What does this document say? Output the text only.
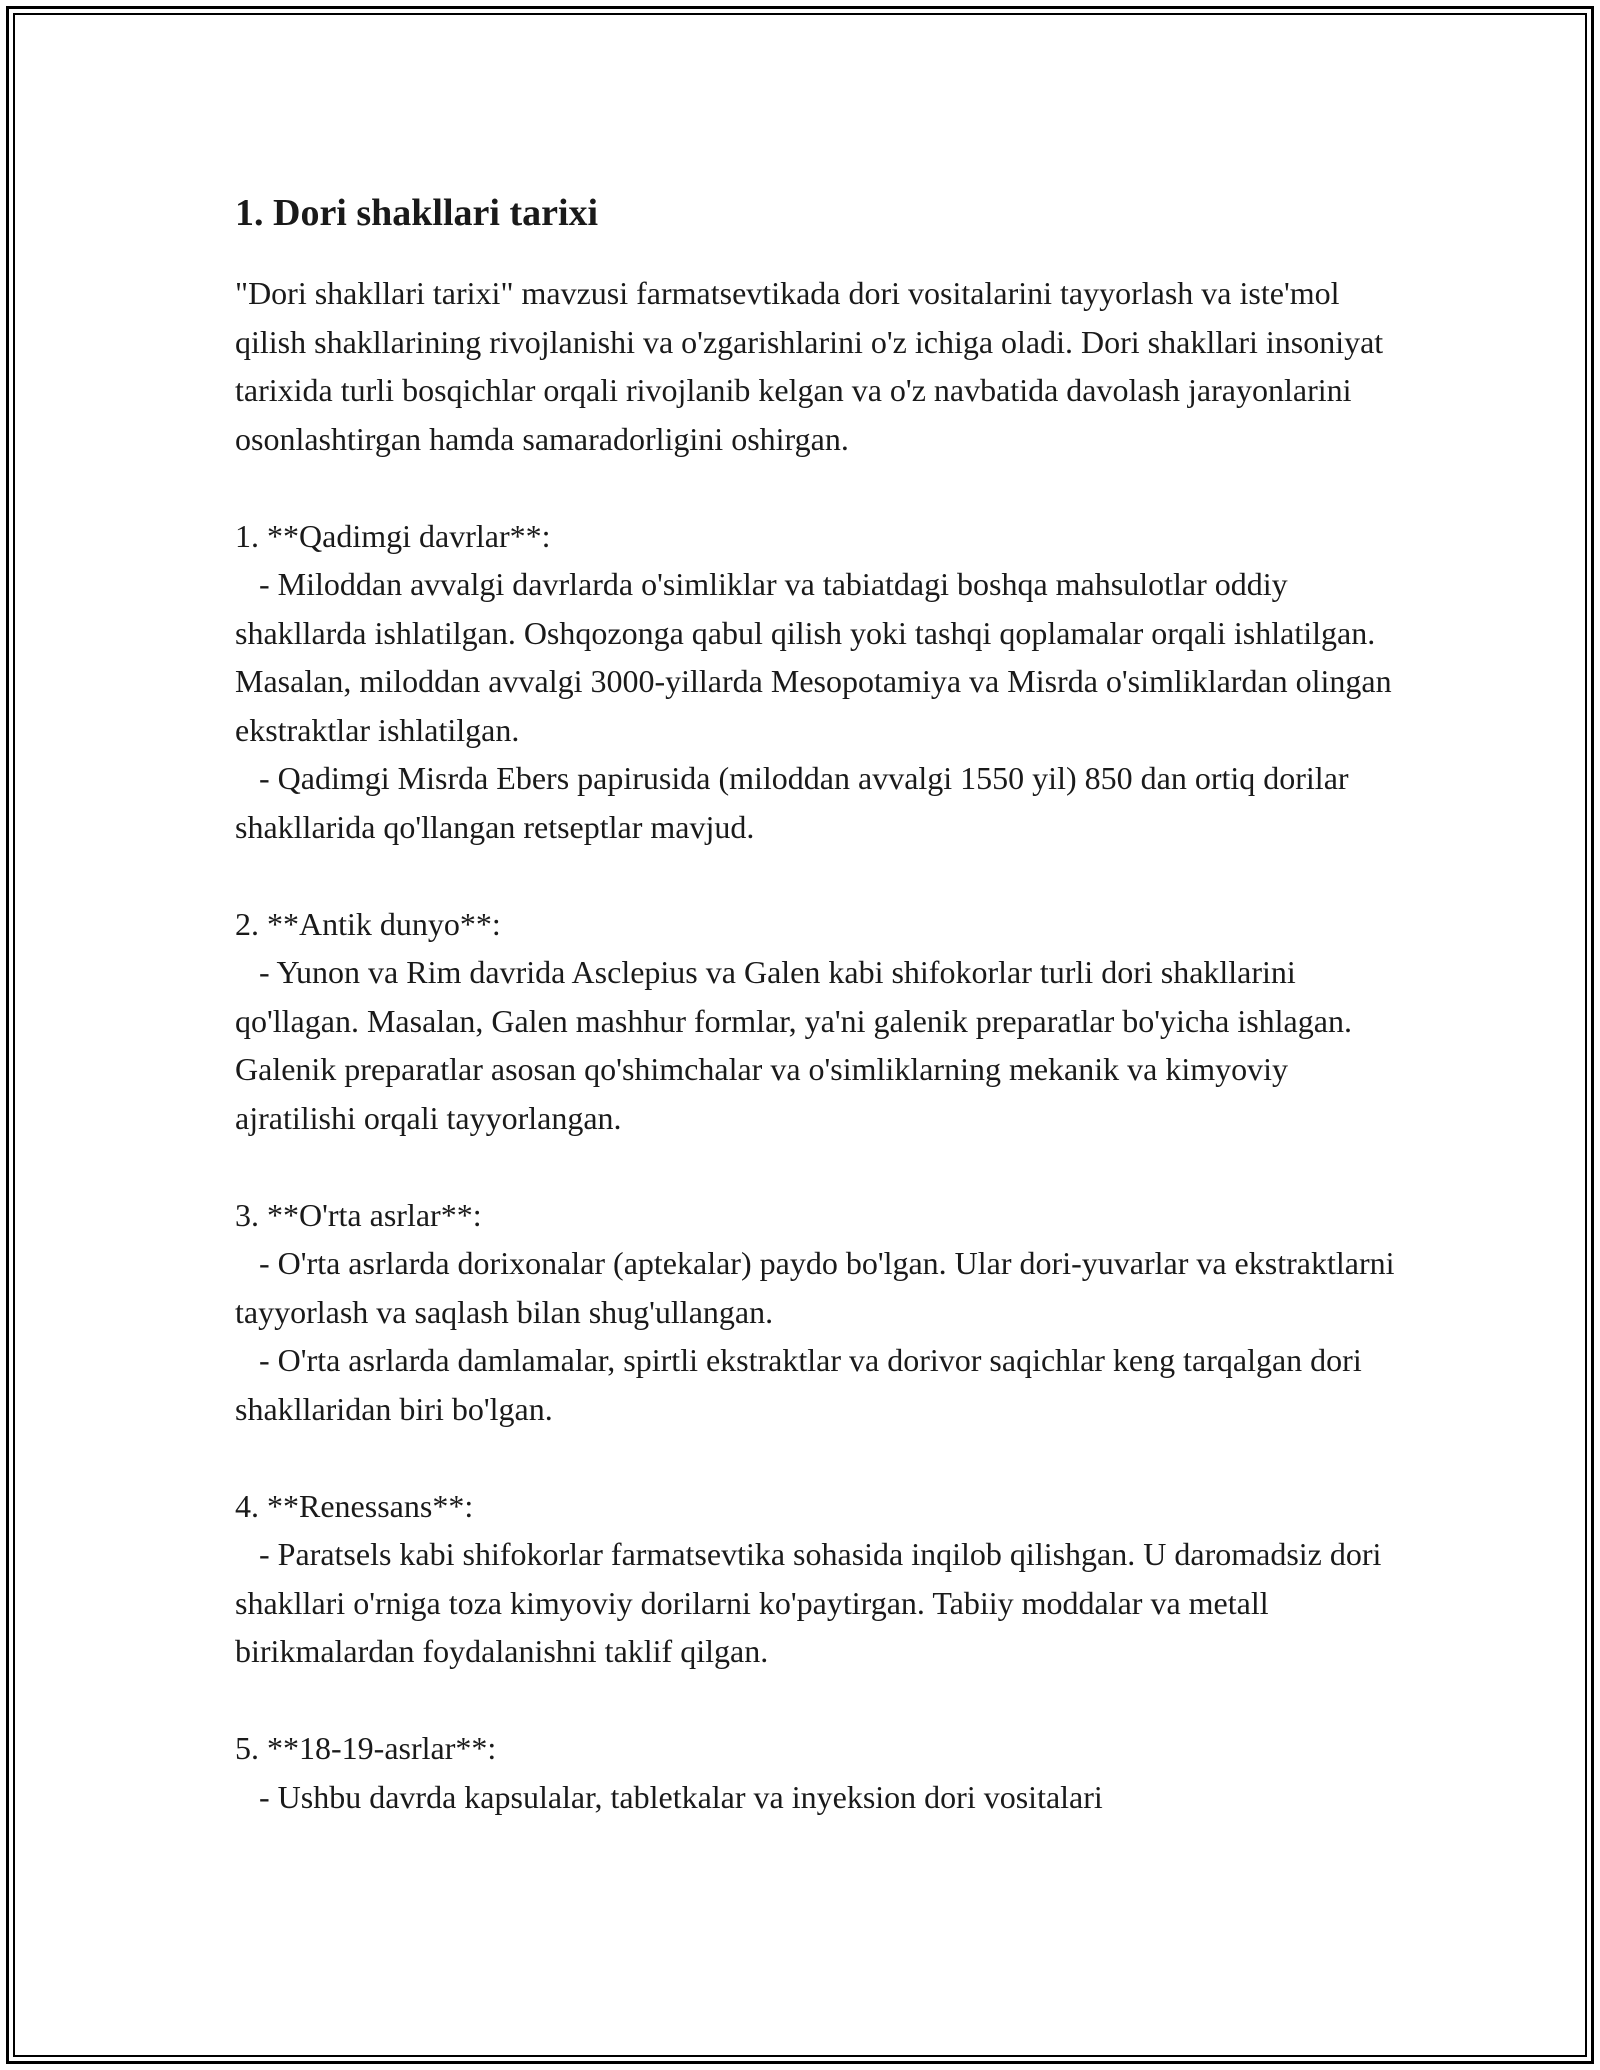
1. Dori shakllari tarixi

"Dori shakllari tarixi" mavzusi farmatsevtikada dori vositalarini tayyorlash va iste'mol qilish shakllarining rivojlanishi va o'zgarishlarini o'z ichiga oladi. Dori shakllari insoniyat tarixida turli bosqichlar orqali rivojlanib kelgan va o'z navbatida davolash jarayonlarini osonlashtirgan hamda samaradorligini oshirgan.

1. **Qadimgi davrlar**:

- Miloddan avvalgi davrlarda o'simliklar va tabiatdagi boshqa mahsulotlar oddiy shakllarda ishlatilgan. Oshqozonga qabul qilish yoki tashqi qoplamalar orqali ishlatilgan. Masalan, miloddan avvalgi 3000-yillarda Mesopotamiya va Misrda o'simliklardan olingan ekstraktlar ishlatilgan.

- Qadimgi Misrda Ebers papirusida (miloddan avvalgi 1550 yil) 850 dan ortiq dorilar shakllarida qo'llangan retseptlar mavjud.

2. **Antik dunyo**:

- Yunon va Rim davrida Asclepius va Galen kabi shifokorlar turli dori shakllarini qo'llagan. Masalan, Galen mashhur formlar, ya'ni galenik preparatlar bo'yicha ishlagan. Galenik preparatlar asosan qo'shimchalar va o'simliklarning mekanik va kimyoviy ajratilishi orqali tayyorlangan.

3. **O'rta asrlar**:

- O'rta asrlarda dorixonalar (aptekalar) paydo bo'lgan. Ular dori-yuvarlar va ekstraktlarni tayyorlash va saqlash bilan shug'ullangan.

- O'rta asrlarda damlamalar, spirtli ekstraktlar va dorivor saqichlar keng tarqalgan dori shakllaridan biri bo'lgan.

4. **Renessans**:

- Paratsels kabi shifokorlar farmatsevtika sohasida inqilob qilishgan. U daromadsiz dori shakllari o'rniga toza kimyoviy dorilarni ko'paytirgan. Tabiiy moddalar va metall birikmalardan foydalanishni taklif qilgan.

5. **18-19-asrlar**:

- Ushbu davrda kapsulalar, tabletkalar va inyeksion dori vositalari
